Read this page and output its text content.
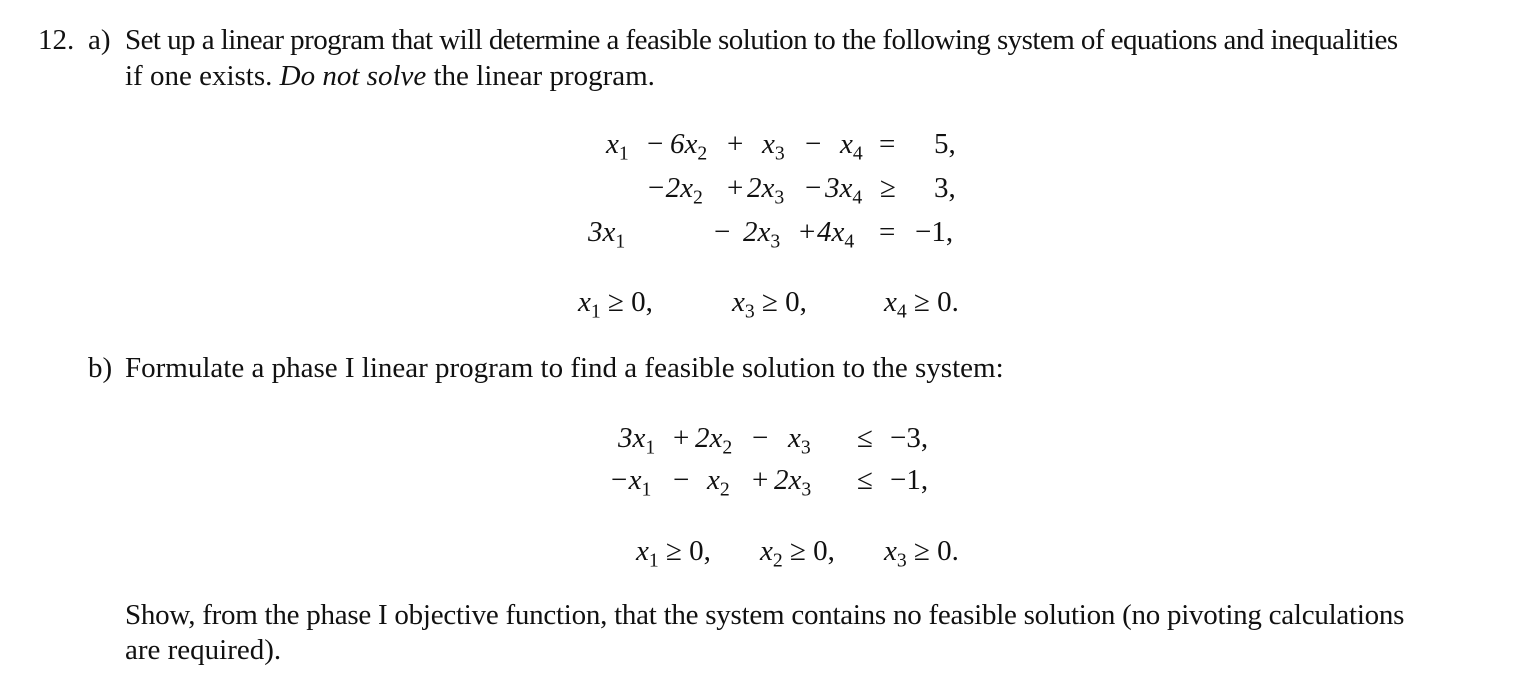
12. a) Set up a linear program that will determine a feasible solution to the following system of equations and inequalities
if one exists. Do not solve the linear program.
$x_1 - 6x_2 + x_3 - x_4 = 5$,
$-2x_2 + 2x_3 - 3x_4 \ge 3$,
$3x_1$	− $2x_3 + 4x_4 = -1$,
$x_1 \ge 0$,	$x_3 \ge 0$,	$x_4 \ge 0$.
b) Formulate a phase I linear program to find a feasible solution to the system:
$3x_1 + 2x_2 - x_3 \le -3$,
$-x_1 - x_2 + 2x_3 \le -1$,
$x_1 \ge 0$, $x_2 \ge 0$, $x_3 \ge 0$.
Show, from the phase I objective function, that the system contains no feasible solution (no pivoting calculations
are required).
